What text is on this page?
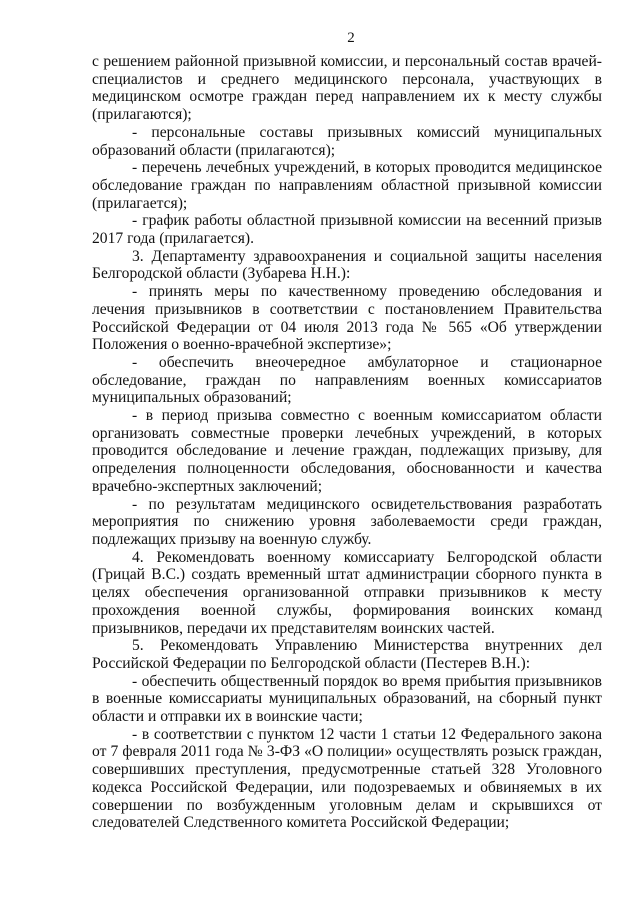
2

с решением районной призывной комиссии, и персональный состав врачей-специалистов и среднего медицинского персонала, участвующих в медицинском осмотре граждан перед направлением их к месту службы (прилагаются);

- персональные составы призывных комиссий муниципальных образований области (прилагаются);

- перечень лечебных учреждений, в которых проводится медицинское обследование граждан по направлениям областной призывной комиссии (прилагается);

- график работы областной призывной комиссии на весенний призыв 2017 года (прилагается).

3. Департаменту здравоохранения и социальной защиты населения Белгородской области (Зубарева Н.Н.):

- принять меры по качественному проведению обследования и лечения призывников в соответствии с постановлением Правительства Российской Федерации от 04 июля 2013 года № 565 «Об утверждении Положения о военно-врачебной экспертизе»;

- обеспечить внеочередное амбулаторное и стационарное обследование, граждан по направлениям военных комиссариатов муниципальных образований;

- в период призыва совместно с военным комиссариатом области организовать совместные проверки лечебных учреждений, в которых проводится обследование и лечение граждан, подлежащих призыву, для определения полноценности обследования, обоснованности и качества врачебно-экспертных заключений;

- по результатам медицинского освидетельствования разработать мероприятия по снижению уровня заболеваемости среди граждан, подлежащих призыву на военную службу.

4. Рекомендовать военному комиссариату Белгородской области (Грицай В.С.) создать временный штат администрации сборного пункта в целях обеспечения организованной отправки призывников к месту прохождения военной службы, формирования воинских команд призывников, передачи их представителям воинских частей.

5. Рекомендовать Управлению Министерства внутренних дел Российской Федерации по Белгородской области (Пестерев В.Н.):

- обеспечить общественный порядок во время прибытия призывников в военные комиссариаты муниципальных образований, на сборный пункт области и отправки их в воинские части;

- в соответствии с пунктом 12 части 1 статьи 12 Федерального закона от 7 февраля 2011 года № 3-ФЗ «О полиции» осуществлять розыск граждан, совершивших преступления, предусмотренные статьей 328 Уголовного кодекса Российской Федерации, или подозреваемых и обвиняемых в их совершении по возбужденным уголовным делам и скрывшихся от следователей Следственного комитета Российской Федерации;
